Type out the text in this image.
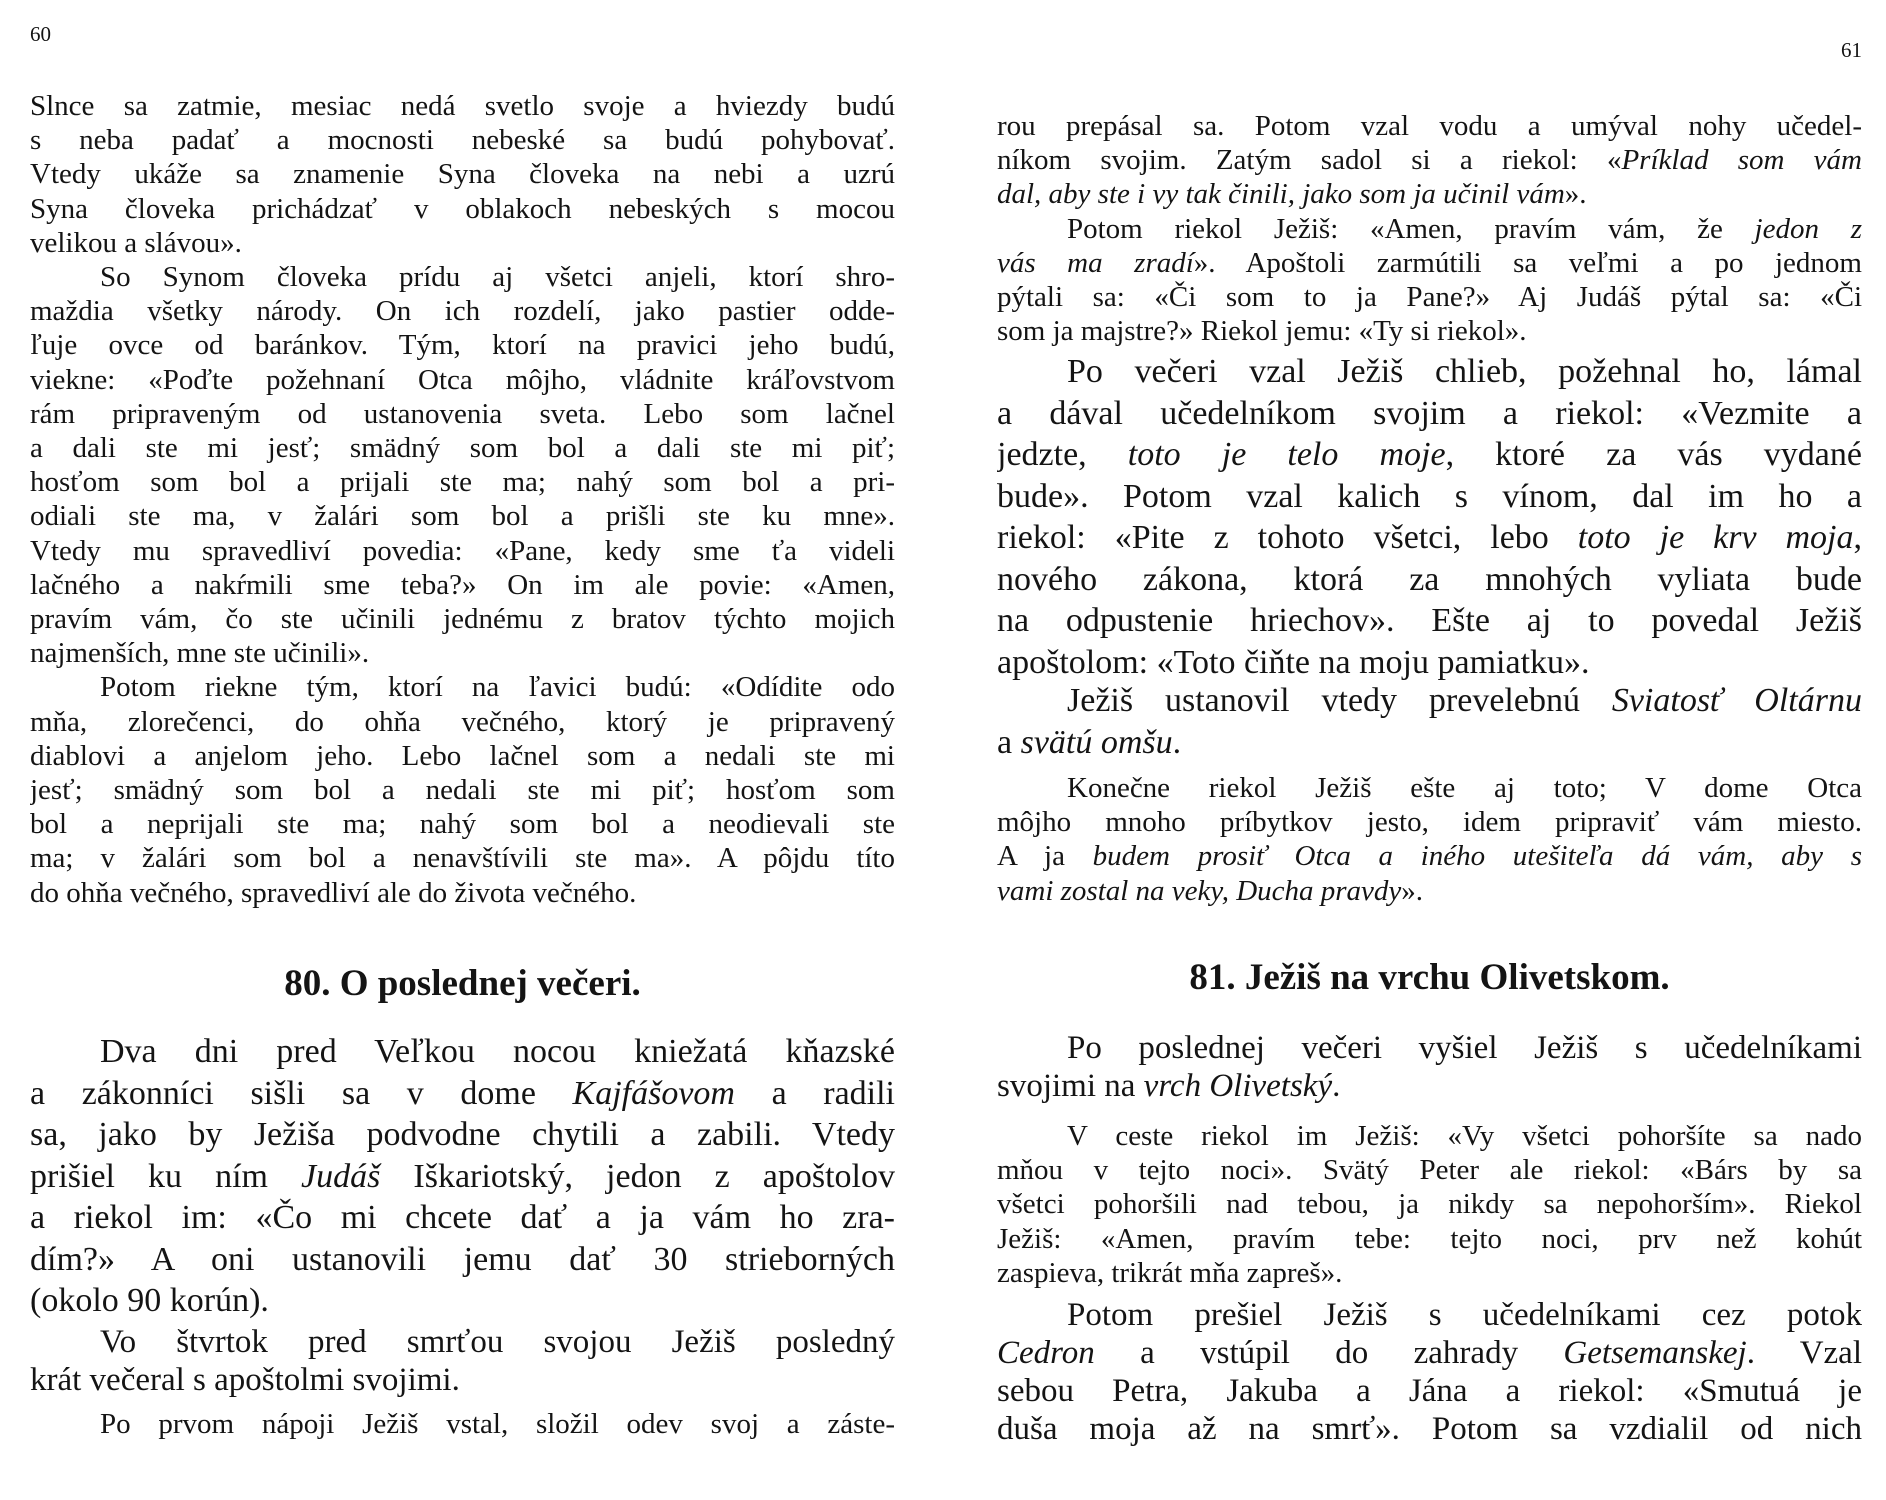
60
61
Slnce sa zatmie, mesiac nedá svetlo svoje a hviezdy budú
s neba padať a mocnosti nebeské sa budú pohybovať.
Vtedy ukáže sa znamenie Syna človeka na nebi a uzrú
Syna človeka prichádzať v oblakoch nebeských s mocou
velikou a slávou».
So Synom človeka prídu aj všetci anjeli, ktorí shro-
maždia všetky národy. On ich rozdelí, jako pastier odde-
ľuje ovce od baránkov. Tým, ktorí na pravici jeho budú,
viekne: «Poďte požehnaní Otca môjho, vládnite kráľovstvom
rám pripraveným od ustanovenia sveta. Lebo som lačnel
a dali ste mi jesť; smädný som bol a dali ste mi piť;
hosťom som bol a prijali ste ma; nahý som bol a pri-
odiali ste ma, v žalári som bol a prišli ste ku mne».
Vtedy mu spravedliví povedia: «Pane, kedy sme ťa videli
lačného a nakŕmili sme teba?» On im ale povie: «Amen,
pravím vám, čo ste učinili jednému z bratov týchto mojich
najmenších, mne ste učinili».
Potom riekne tým, ktorí na ľavici budú: «Odídite odo
mňa, zlorečenci, do ohňa večného, ktorý je pripravený
diablovi a anjelom jeho. Lebo lačnel som a nedali ste mi
jesť; smädný som bol a nedali ste mi piť; hosťom som
bol a neprijali ste ma; nahý som bol a neodievali ste
ma; v žalári som bol a nenavštívili ste ma». A pôjdu títo
do ohňa večného, spravedliví ale do života večného.
80. O poslednej večeri.
Dva dni pred Veľkou nocou kniežatá kňazské
a zákonníci sišli sa v dome Kajfášovom a radili
sa, jako by Ježiša podvodne chytili a zabili. Vtedy
prišiel ku ním Judáš Iškariotský, jedon z apoštolov
a riekol im: «Čo mi chcete dať a ja vám ho zra-
dím?» A oni ustanovili jemu dať 30 strieborných
(okolo 90 korún).
Vo štvrtok pred smrťou svojou Ježiš posledný
krát večeral s apoštolmi svojimi.
Po prvom nápoji Ježiš vstal, složil odev svoj a záste-
rou prepásal sa. Potom vzal vodu a umýval nohy učedel-
níkom svojim. Zatým sadol si a riekol: «Príklad som vám
dal, aby ste i vy tak činili, jako som ja učinil vám».
Potom riekol Ježiš: «Amen, pravím vám, že jedon z
vás ma zradí». Apoštoli zarmútili sa veľmi a po jednom
pýtali sa: «Či som to ja Pane?» Aj Judáš pýtal sa: «Či
som ja majstre?» Riekol jemu: «Ty si riekol».
Po večeri vzal Ježiš chlieb, požehnal ho, lámal
a dával učedelníkom svojim a riekol: «Vezmite a
jedzte, toto je telo moje, ktoré za vás vydané
bude». Potom vzal kalich s vínom, dal im ho a
riekol: «Pite z tohoto všetci, lebo toto je krv moja,
nového zákona, ktorá za mnohých vyliata bude
na odpustenie hriechov». Ešte aj to povedal Ježiš
apoštolom: «Toto čiňte na moju pamiatku».
Ježiš ustanovil vtedy prevelebnú Sviatosť Oltárnu
a svätú omšu.
Konečne riekol Ježiš ešte aj toto; V dome Otca
môjho mnoho príbytkov jesto, idem pripraviť vám miesto.
A ja budem prosiť Otca a iného utešiteľa dá vám, aby s
vami zostal na veky, Ducha pravdy».
81. Ježiš na vrchu Olivetskom.
Po poslednej večeri vyšiel Ježiš s učedelníkami
svojimi na vrch Olivetský.
V ceste riekol im Ježiš: «Vy všetci pohoršíte sa nado
mňou v tejto noci». Svätý Peter ale riekol: «Bárs by sa
všetci pohoršili nad tebou, ja nikdy sa nepohorším». Riekol
Ježiš: «Amen, pravím tebe: tejto noci, prv než kohút
zaspieva, trikrát mňa zapreš».
Potom prešiel Ježiš s učedelníkami cez potok
Cedron a vstúpil do zahrady Getsemanskej. Vzal
sebou Petra, Jakuba a Jána a riekol: «Smutuá je
duša moja až na smrť». Potom sa vzdialil od nich
